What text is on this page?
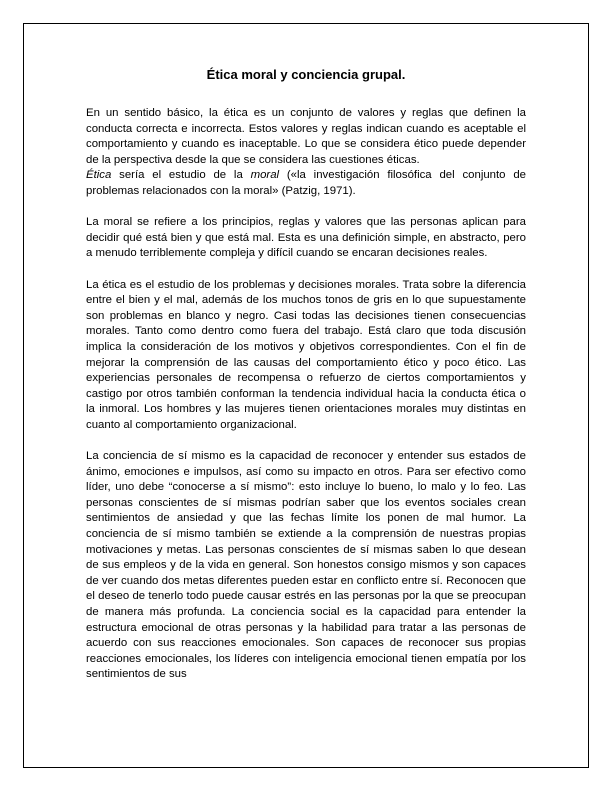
Ética moral y conciencia grupal.

En un sentido básico, la ética es un conjunto de valores y reglas que definen la conducta correcta e incorrecta. Estos valores y reglas indican cuando es aceptable el comportamiento y cuando es inaceptable. Lo que se considera ético puede depender de la perspectiva desde la que se considera las cuestiones éticas.

Ética sería el estudio de la moral («la investigación filosófica del conjunto de problemas relacionados con la moral» (Patzig, 1971).

La moral se refiere a los principios, reglas y valores que las personas aplican para decidir qué está bien y que está mal. Esta es una definición simple, en abstracto, pero a menudo terriblemente compleja y difícil cuando se encaran decisiones reales.

La ética es el estudio de los problemas y decisiones morales. Trata sobre la diferencia entre el bien y el mal, además de los muchos tonos de gris en lo que supuestamente son problemas en blanco y negro. Casi todas las decisiones tienen consecuencias morales. Tanto como dentro como fuera del trabajo. Está claro que toda discusión implica la consideración de los motivos y objetivos correspondientes. Con el fin de mejorar la comprensión de las causas del comportamiento ético y poco ético. Las experiencias personales de recompensa o refuerzo de ciertos comportamientos y castigo por otros también conforman la tendencia individual hacia la conducta ética o la inmoral. Los hombres y las mujeres tienen orientaciones morales muy distintas en cuanto al comportamiento organizacional.

La conciencia de sí mismo es la capacidad de reconocer y entender sus estados de ánimo, emociones e impulsos, así como su impacto en otros. Para ser efectivo como líder, uno debe “conocerse a sí mismo”: esto incluye lo bueno, lo malo y lo feo. Las personas conscientes de sí mismas podrían saber que los eventos sociales crean sentimientos de ansiedad y que las fechas límite los ponen de mal humor. La conciencia de sí mismo también se extiende a la comprensión de nuestras propias motivaciones y metas. Las personas conscientes de sí mismas saben lo que desean de sus empleos y de la vida en general. Son honestos consigo mismos y son capaces de ver cuando dos metas diferentes pueden estar en conflicto entre sí. Reconocen que el deseo de tenerlo todo puede causar estrés en las personas por la que se preocupan de manera más profunda. La conciencia social es la capacidad para entender la estructura emocional de otras personas y la habilidad para tratar a las personas de acuerdo con sus reacciones emocionales. Son capaces de reconocer sus propias reacciones emocionales, los líderes con inteligencia emocional tienen empatía por los sentimientos de sus
